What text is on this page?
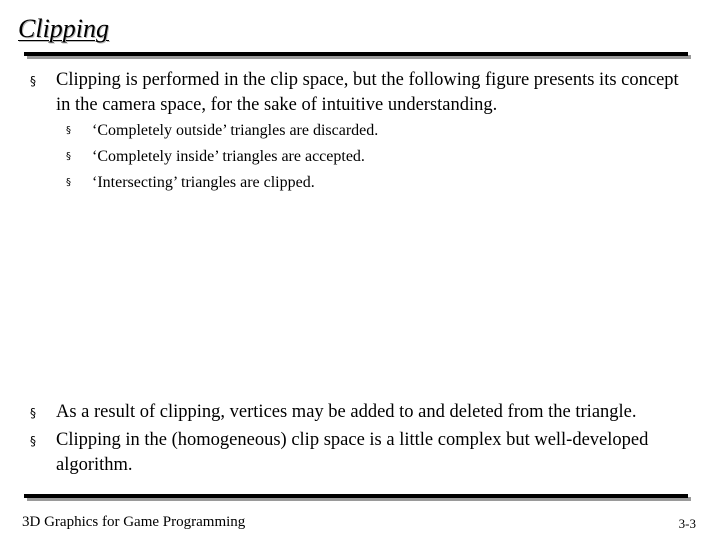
Clipping
§	Clipping is performed in the clip space, but the following figure presents its concept in the camera space, for the sake of intuitive understanding.
§	‘Completely outside’ triangles are discarded.
§	‘Completely inside’ triangles are accepted.
§	‘Intersecting’ triangles are clipped.
§	As a result of clipping, vertices may be added to and deleted from the triangle.
§	Clipping in the (homogeneous) clip space is a little complex but well-developed algorithm.
3D Graphics for Game Programming	3-3
